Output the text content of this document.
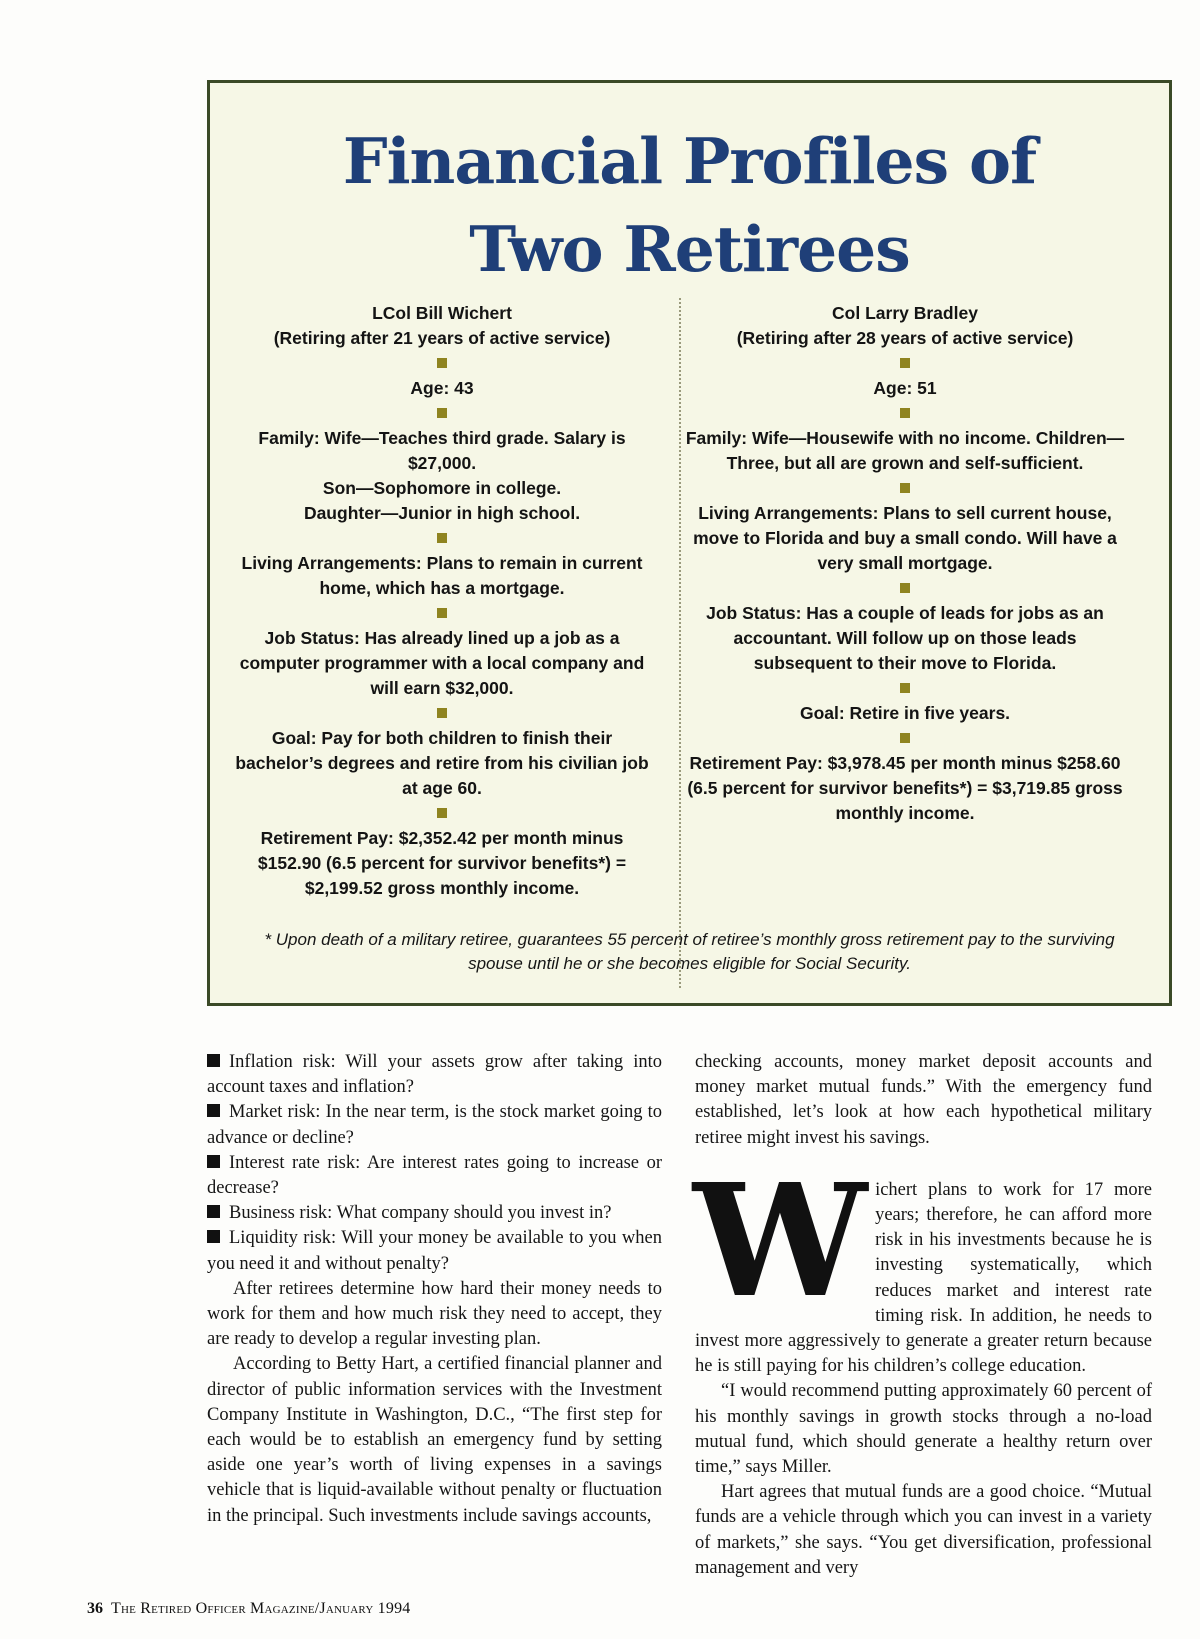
Financial Profiles of
Two Retirees

LCol Bill Wichert

(Retiring after 21 years of active service)

Age: 43

Family: Wife—Teaches third grade. Salary is $27,000.

Son—Sophomore in college.

Daughter—Junior in high school.

Living Arrangements: Plans to remain in current home, which has a mortgage.

Job Status: Has already lined up a job as a computer programmer with a local company and will earn $32,000.

Goal: Pay for both children to finish their bachelor’s degrees and retire from his civilian job at age 60.

Retirement Pay: $2,352.42 per month minus $152.90 (6.5 percent for survivor benefits*) = $2,199.52 gross monthly income.

Col Larry Bradley

(Retiring after 28 years of active service)

Age: 51

Family: Wife—Housewife with no income. Children—Three, but all are grown and self-sufficient.

Living Arrangements: Plans to sell current house, move to Florida and buy a small condo. Will have a very small mortgage.

Job Status: Has a couple of leads for jobs as an accountant. Will follow up on those leads subsequent to their move to Florida.

Goal: Retire in five years.

Retirement Pay: $3,978.45 per month minus $258.60 (6.5 percent for survivor benefits*) = $3,719.85 gross monthly income.

* Upon death of a military retiree, guarantees 55 percent of retiree’s monthly gross retirement pay to the surviving spouse until he or she becomes eligible for Social Security.

Inflation risk: Will your assets grow after taking into account taxes and inflation?

Market risk: In the near term, is the stock market going to advance or decline?

Interest rate risk: Are interest rates going to increase or decrease?

Business risk: What company should you invest in?

Liquidity risk: Will your money be available to you when you need it and without penalty?

After retirees determine how hard their money needs to work for them and how much risk they need to accept, they are ready to develop a regular investing plan.

According to Betty Hart, a certified financial planner and director of public information services with the Investment Company Institute in Washington, D.C., “The first step for each would be to establish an emergency fund by setting aside one year’s worth of living expenses in a savings vehicle that is liquid-available without penalty or fluctuation in the principal. Such investments include savings accounts,

checking accounts, money market deposit accounts and money market mutual funds.” With the emergency fund established, let’s look at how each hypothetical military retiree might invest his savings.

Wichert plans to work for 17 more years; therefore, he can afford more risk in his investments because he is investing systematically, which reduces market and interest rate timing risk. In addition, he needs to invest more aggressively to generate a greater return because he is still paying for his children’s college education.

“I would recommend putting approximately 60 percent of his monthly savings in growth stocks through a no-load mutual fund, which should generate a healthy return over time,” says Miller.

Hart agrees that mutual funds are a good choice. “Mutual funds are a vehicle through which you can invest in a variety of markets,” she says. “You get diversification, professional management and very

36 The Retired Officer Magazine/January 1994
